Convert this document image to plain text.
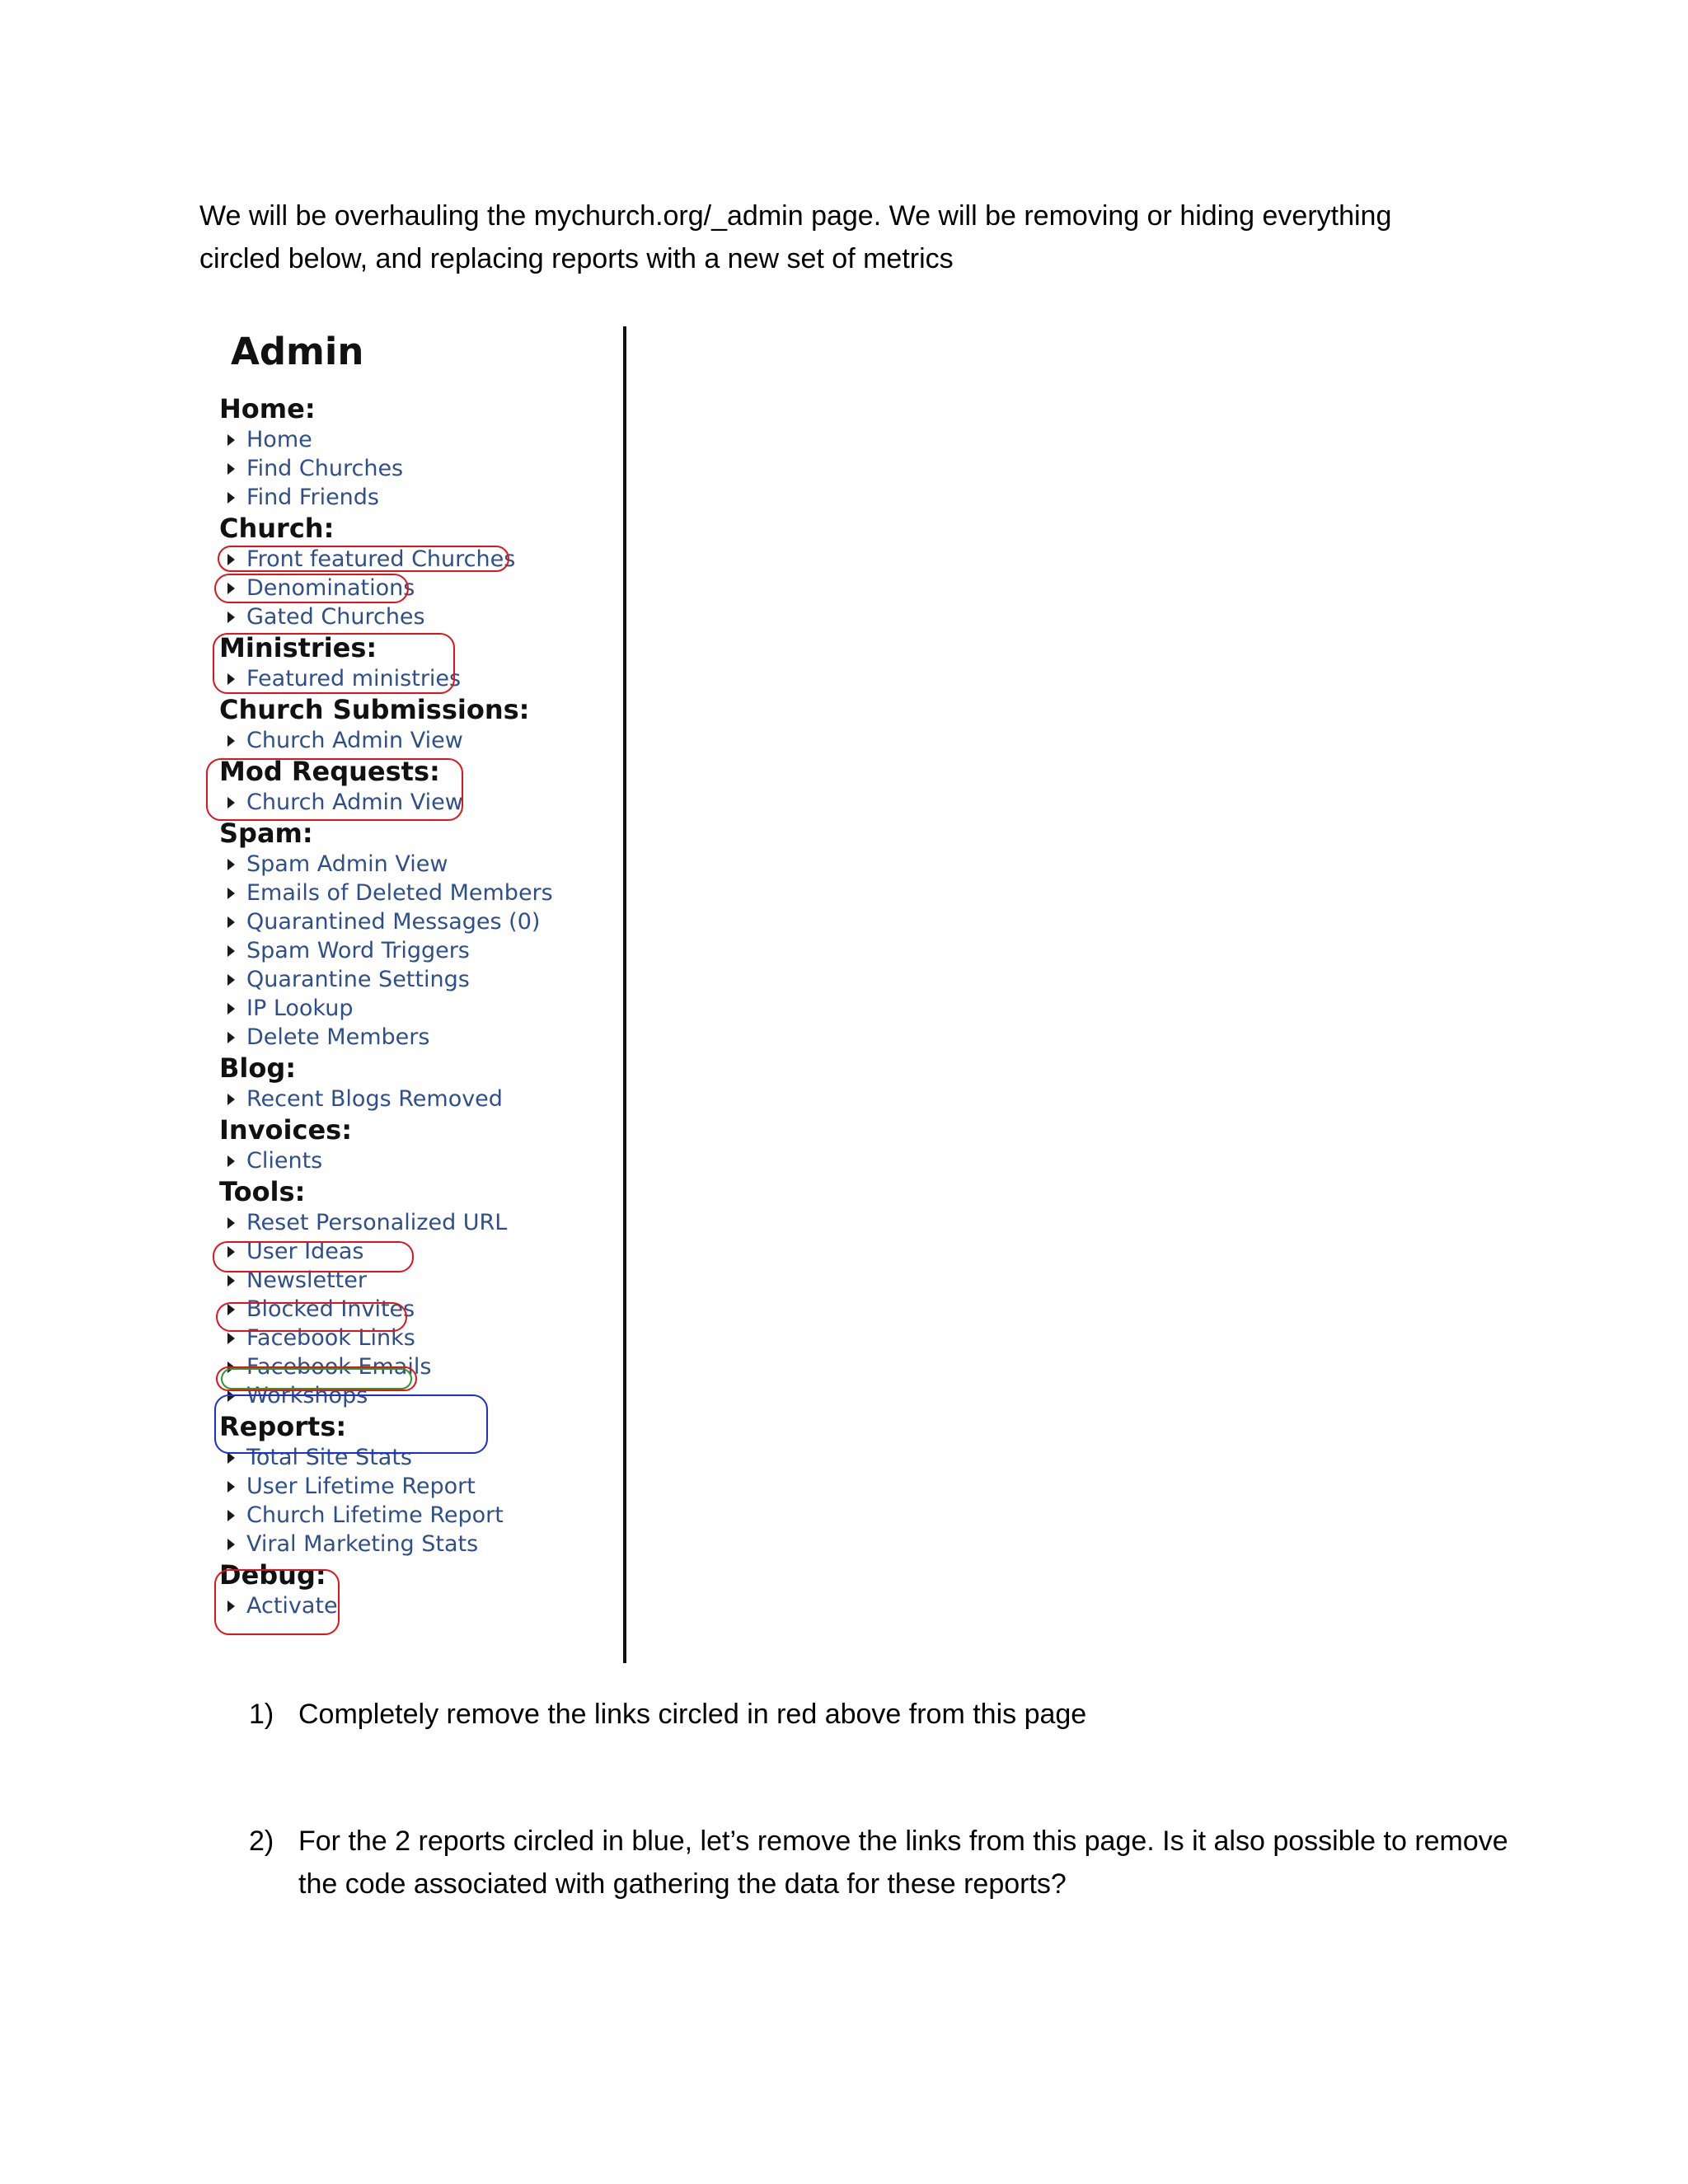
We will be overhauling the mychurch.org/_admin page. We will be removing or hiding everything

circled below, and replacing reports with a new set of metrics

Admin
Home:
Home
Find Churches
Find Friends
Church:
Front featured Churches
Denominations
Gated Churches
Ministries:
Featured ministries
Church Submissions:
Church Admin View
Mod Requests:
Church Admin View
Spam:
Spam Admin View
Emails of Deleted Members
Quarantined Messages (0)
Spam Word Triggers
Quarantine Settings
IP Lookup
Delete Members
Blog:
Recent Blogs Removed
Invoices:
Clients
Tools:
Reset Personalized URL
User Ideas
Newsletter
Blocked Invites
Facebook Links
Facebook Emails
Workshops
Reports:
Total Site Stats
User Lifetime Report
Church Lifetime Report
Viral Marketing Stats
Debug:
Activate
1) Completely remove the links circled in red above from this page
2) For the 2 reports circled in blue, let’s remove the links from this page. Is it also possible to remove the code associated with gathering the data for these reports?
